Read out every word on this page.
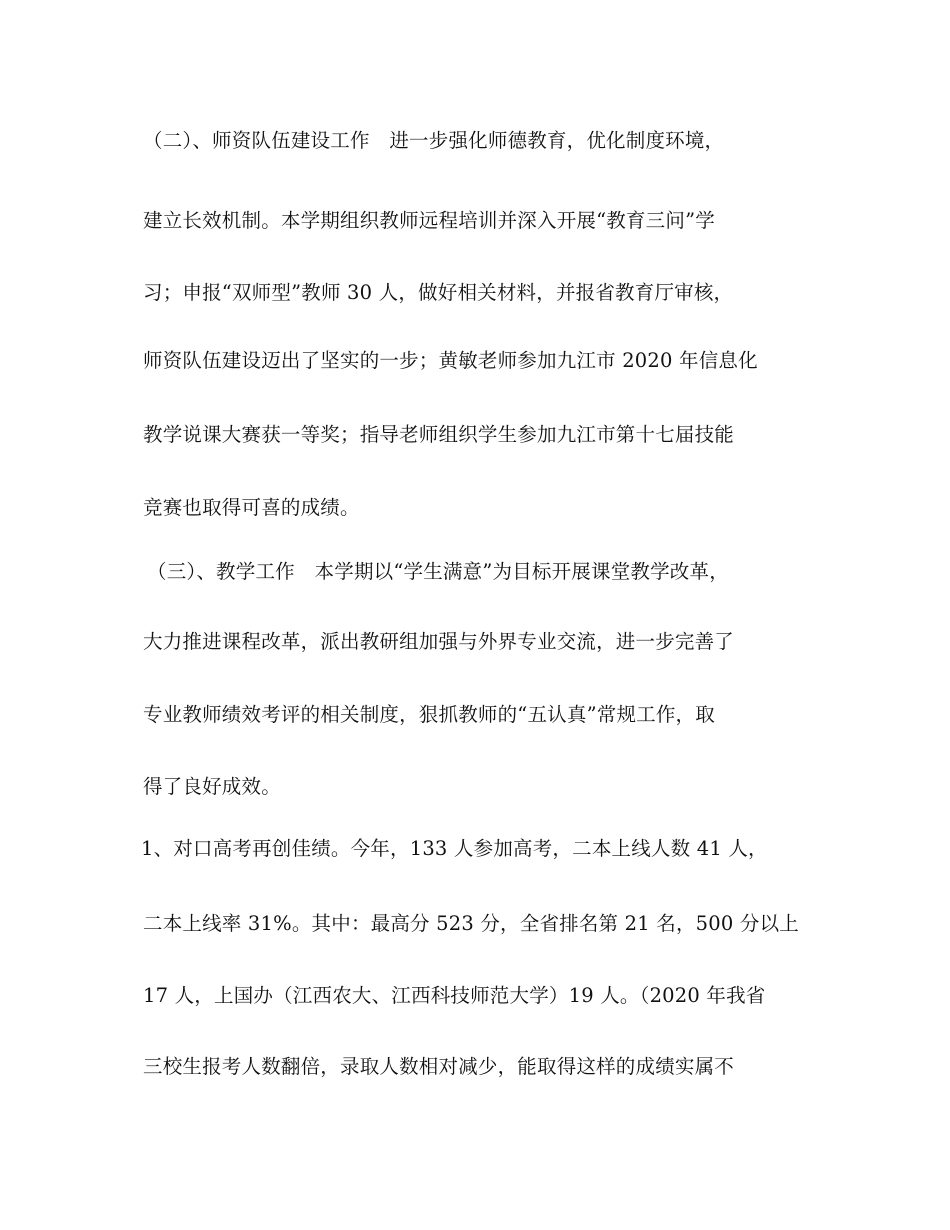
（二）、师资队伍建设工作　进一步强化师德教育，优化制度环境，
建立长效机制。本学期组织教师远程培训并深入开展“教育三问”学
习；申报“双师型”教师 30 人，做好相关材料，并报省教育厅审核，
师资队伍建设迈出了坚实的一步；黄敏老师参加九江市 2020 年信息化
教学说课大赛获一等奖；指导老师组织学生参加九江市第十七届技能
竞赛也取得可喜的成绩。
（三）、教学工作　本学期以“学生满意”为目标开展课堂教学改革，
大力推进课程改革，派出教研组加强与外界专业交流，进一步完善了
专业教师绩效考评的相关制度，狠抓教师的“五认真”常规工作，取
得了良好成效。
1、对口高考再创佳绩。今年，133 人参加高考，二本上线人数 41 人，
二本上线率 31%。其中：最高分 523 分，全省排名第 21 名，500 分以上
17 人，上国办（江西农大、江西科技师范大学）19 人。（2020 年我省
三校生报考人数翻倍，录取人数相对减少，能取得这样的成绩实属不
